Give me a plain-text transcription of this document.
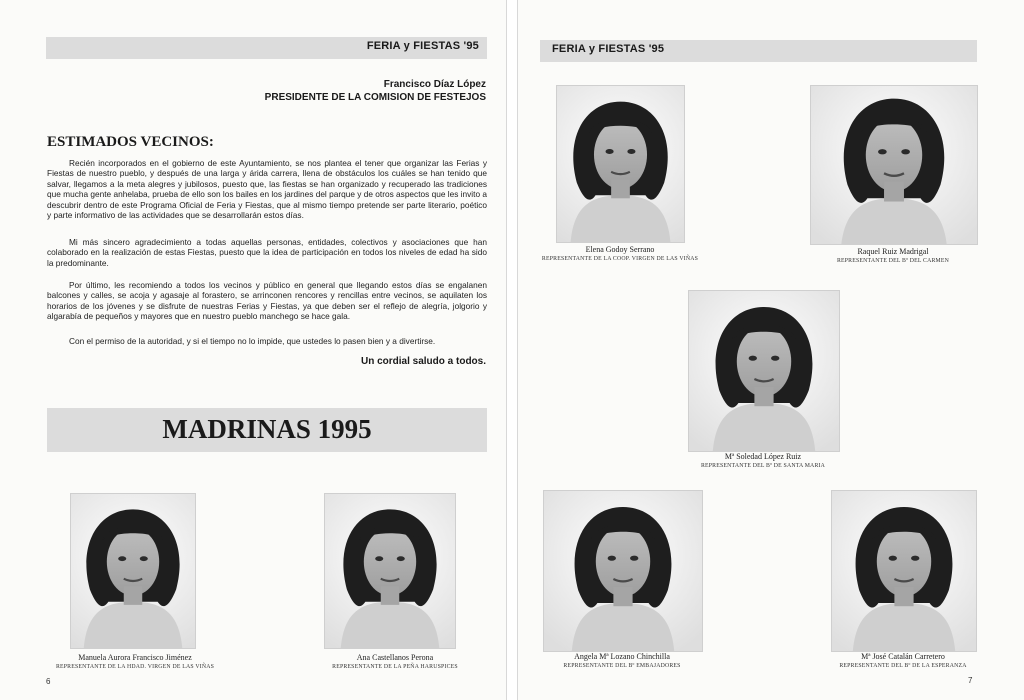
FERIA y FIESTAS '95
Francisco Díaz López
PRESIDENTE DE LA COMISION DE FESTEJOS
ESTIMADOS VECINOS:
Recién incorporados en el gobierno de este Ayuntamiento, se nos plantea el tener que organizar las Ferias y Fiestas de nuestro pueblo, y después de una larga y árida carrera, llena de obstáculos los cuáles se han tenido que salvar, llegamos a la meta alegres y jubilosos, puesto que, las fiestas se han organizado y recuperado las tradiciones que mucha gente anhelaba, prueba de ello son los bailes en los jardines del parque y de otros aspectos que les invito a descubrir dentro de este Programa Oficial de Feria y Fiestas, que al mismo tiempo pretende ser parte literario, poético y parte informativo de las actividades que se desarrollarán estos días.
Mi más sincero agradecimiento a todas aquellas personas, entidades, colectivos y asociaciones que han colaborado en la realización de estas Fiestas, puesto que la idea de participación en todos los niveles de edad ha sido la predominante.
Por último, les recomiendo a todos los vecinos y público en general que llegando estos días se engalanen balcones y calles, se acoja y agasaje al forastero, se arrinconen rencores y rencillas entre vecinos, se aquilaten los horarios de los jóvenes y se disfrute de nuestras Ferias y Fiestas, ya que deben ser el reflejo de alegría, jolgorio y algarabía de pequeños y mayores que en nuestro pueblo manchego se hace gala.
Con el permiso de la autoridad, y si el tiempo no lo impide, que ustedes lo pasen bien y a divertirse.
Un cordial saludo a todos.
MADRINAS 1995
Manuela Aurora Francisco Jiménez
REPRESENTANTE DE LA HDAD. VIRGEN DE LAS VIÑAS
Ana Castellanos Perona
REPRESENTANTE DE LA PEÑA HARUSPICES
6
FERIA y FIESTAS '95
Elena Godoy Serrano
REPRESENTANTE DE LA COOP. VIRGEN DE LAS VIÑAS
Raquel Ruiz Madrigal
REPRESENTANTE DEL Bº DEL CARMEN
Mª Soledad López Ruiz
REPRESENTANTE DEL Bº DE SANTA MARIA
Angela Mª Lozano Chinchilla
REPRESENTANTE DEL Bº EMBAJADORES
Mª José Catalán Carretero
REPRESENTANTE DEL Bº DE LA ESPERANZA
7
